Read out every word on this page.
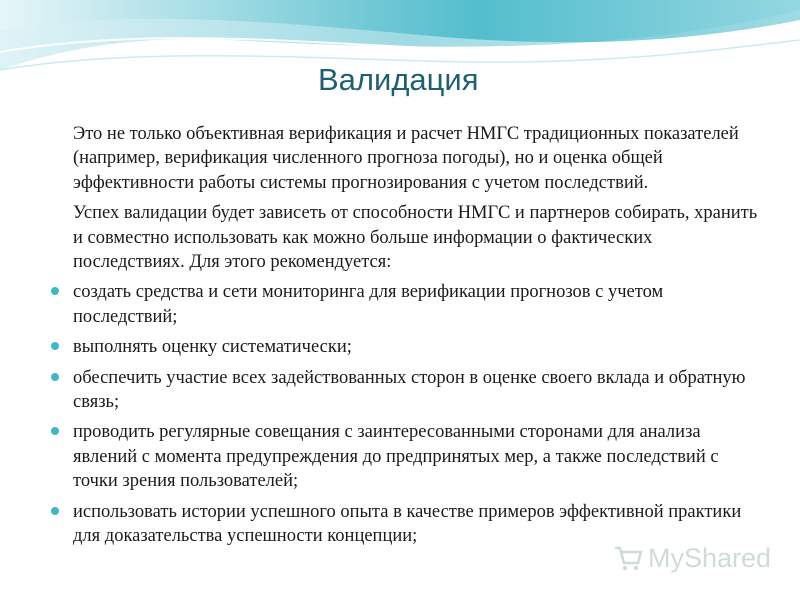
Валидация

Это не только объективная верификация и расчет НМГС традиционных показателей (например, верификация численного прогноза погоды), но и оценка общей эффективности работы системы прогнозирования с учетом последствий.

Успех валидации будет зависеть от способности НМГС и партнеров собирать, хранить и совместно использовать как можно больше информации о фактических последствиях. Для этого рекомендуется:

создать средства и сети мониторинга для верификации прогнозов с учетом последствий;
выполнять оценку систематически;
обеспечить участие всех задействованных сторон в оценке своего вклада и обратную связь;
проводить регулярные совещания с заинтересованными сторонами для анализа явлений с момента предупреждения до предпринятых мер, а также последствий с точки зрения пользователей;
использовать истории успешного опыта в качестве примеров эффективной практики для доказательства успешности концепции;
MyShared
